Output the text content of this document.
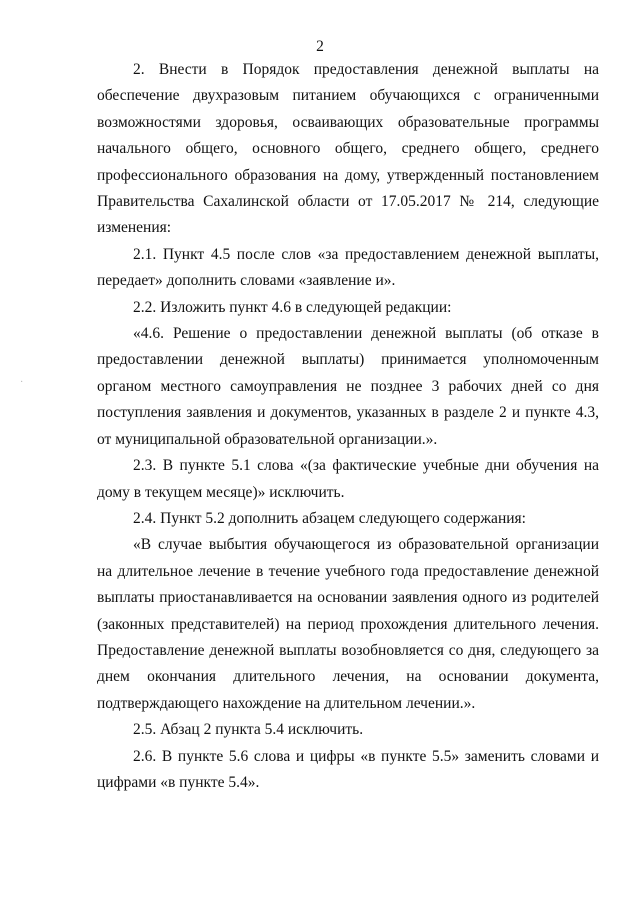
2
·

2. Внести в Порядок предоставления денежной выплаты на обеспечение двухразовым питанием обучающихся с ограниченными возможностями здоровья, осваивающих образовательные программы начального общего, основного общего, среднего общего, среднего профессионального образования на дому, утвержденный постановлением Правительства Сахалинской области от 17.05.2017 № 214, следующие изменения:

2.1. Пункт 4.5 после слов «за предоставлением денежной выплаты, передает» дополнить словами «заявление и».

2.2. Изложить пункт 4.6 в следующей редакции:

«4.6. Решение о предоставлении денежной выплаты (об отказе в предоставлении денежной выплаты) принимается уполномоченным органом местного самоуправления не позднее 3 рабочих дней со дня поступления заявления и документов, указанных в разделе 2 и пункте 4.3, от муниципальной образовательной организации.».

2.3. В пункте 5.1 слова «(за фактические учебные дни обучения на дому в текущем месяце)» исключить.

2.4. Пункт 5.2 дополнить абзацем следующего содержания:

«В случае выбытия обучающегося из образовательной организации на длительное лечение в течение учебного года предоставление денежной выплаты приостанавливается на основании заявления одного из родителей (законных представителей) на период прохождения длительного лечения. Предоставление денежной выплаты возобновляется со дня, следующего за днем окончания длительного лечения, на основании документа, подтверждающего нахождение на длительном лечении.».

2.5. Абзац 2 пункта 5.4 исключить.

2.6. В пункте 5.6 слова и цифры «в пункте 5.5» заменить словами и цифрами «в пункте 5.4».
